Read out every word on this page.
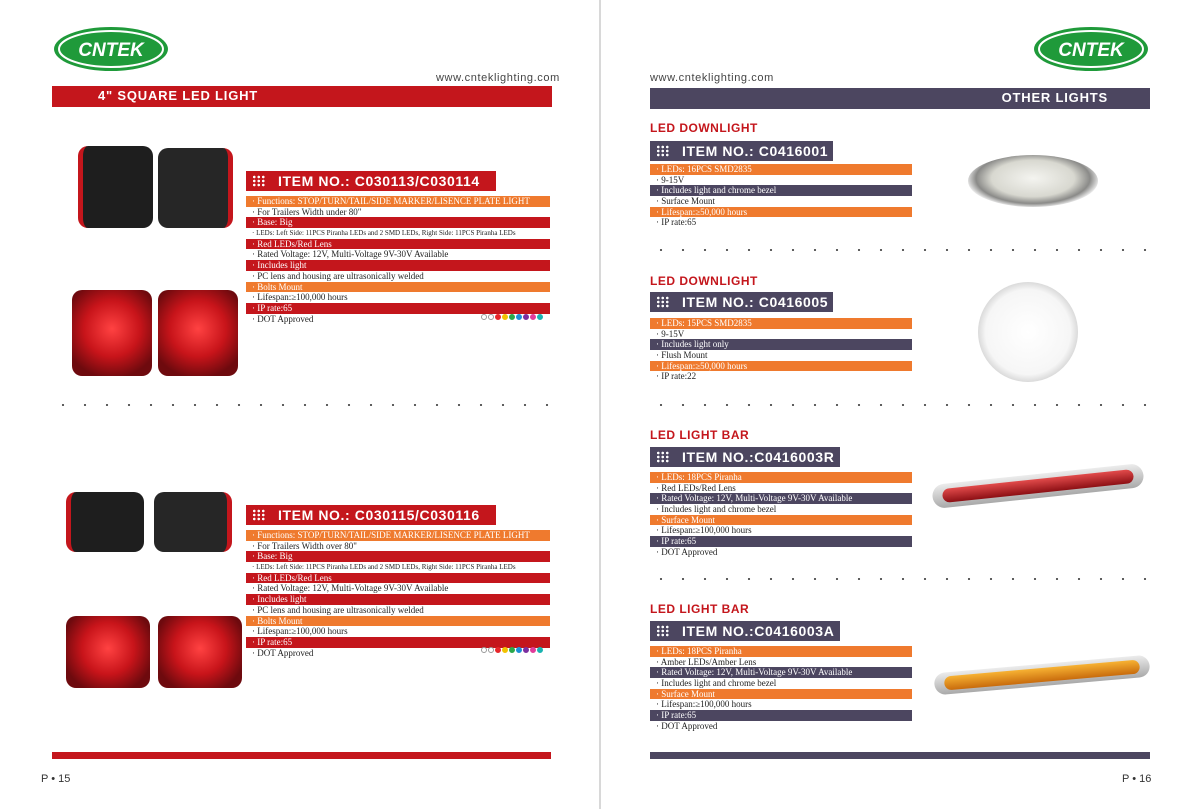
CNTEK
www.cnteklighting.com
4" SQUARE LED LIGHT
ITEM NO.: C030113/C030114
· Functions: STOP/TURN/TAIL/SIDE MARKER/LISENCE PLATE LIGHT
· For Trailers Width under 80"
· Base: Big
· LEDs: Left Side: 11PCS Piranha LEDs and 2 SMD LEDs, Right Side: 11PCS Piranha LEDs
· Red LEDs/Red Lens
· Rated Voltage: 12V, Multi-Voltage 9V-30V Available
· Includes light
· PC lens and housing are ultrasonically welded
· Bolts Mount
· Lifespan:≥100,000 hours
· IP rate:65
· DOT Approved
ITEM NO.: C030115/C030116
· Functions: STOP/TURN/TAIL/SIDE MARKER/LISENCE PLATE LIGHT
· For Trailers Width over 80"
· Base: Big
· LEDs: Left Side: 11PCS Piranha LEDs and 2 SMD LEDs, Right Side: 11PCS Piranha LEDs
· Red LEDs/Red Lens
· Rated Voltage: 12V, Multi-Voltage 9V-30V Available
· Includes light
· PC lens and housing are ultrasonically welded
· Bolts Mount
· Lifespan:≥100,000 hours
· IP rate:65
· DOT Approved
P • 15
CNTEK
www.cnteklighting.com
OTHER LIGHTS
LED DOWNLIGHT
ITEM NO.: C0416001
· LEDs: 16PCS SMD2835
· 9-15V
· Includes light and chrome bezel
· Surface Mount
· Lifespan:≥50,000 hours
· IP rate:65
LED DOWNLIGHT
ITEM NO.: C0416005
· LEDs: 15PCS SMD2835
· 9-15V
· Includes light only
· Flush Mount
· Lifespan:≥50,000 hours
· IP rate:22
LED LIGHT BAR
ITEM NO.:C0416003R
· LEDs: 18PCS Piranha
· Red LEDs/Red Lens
· Rated Voltage: 12V, Multi-Voltage 9V-30V Available
· Includes light and chrome bezel
· Surface Mount
· Lifespan:≥100,000 hours
· IP rate:65
· DOT Approved
LED LIGHT BAR
ITEM NO.:C0416003A
· LEDs: 18PCS Piranha
· Amber LEDs/Amber Lens
· Rated Voltage: 12V, Multi-Voltage 9V-30V Available
· Includes light and chrome bezel
· Surface Mount
· Lifespan:≥100,000 hours
· IP rate:65
· DOT Approved
P • 16
